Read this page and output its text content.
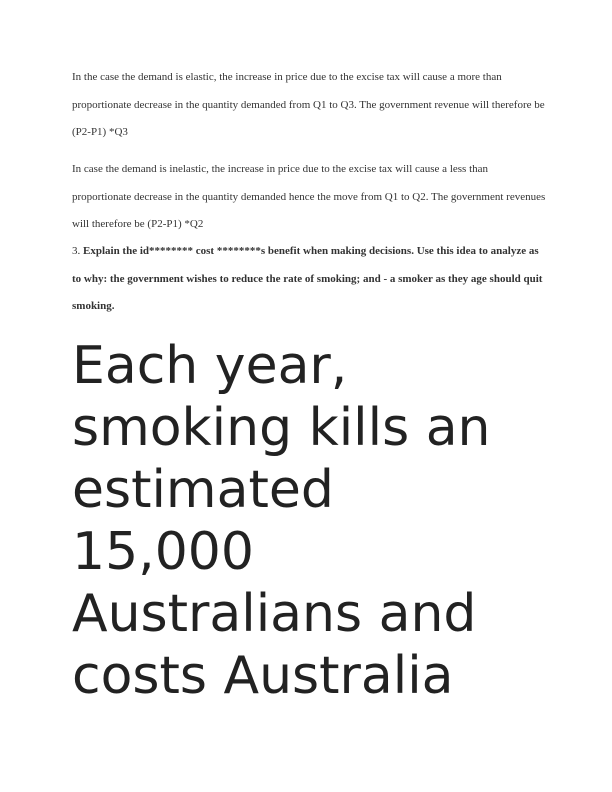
In the case the demand is elastic, the increase in price due to the excise tax will cause a more than proportionate decrease in the quantity demanded from Q1 to Q3. The government revenue will therefore be (P2-P1) *Q3

In case the demand is inelastic, the increase in price due to the excise tax will cause a less than proportionate decrease in the quantity demanded hence the move from Q1 to Q2. The government revenues will therefore be (P2-P1) *Q2

3. Explain the id******** cost ********s benefit when making decisions. Use this idea to analyze as to why: the government wishes to reduce the rate of smoking; and - a smoker as they age should quit smoking.

Each year,
smoking kills an
estimated
15,000
Australians and
costs Australia
